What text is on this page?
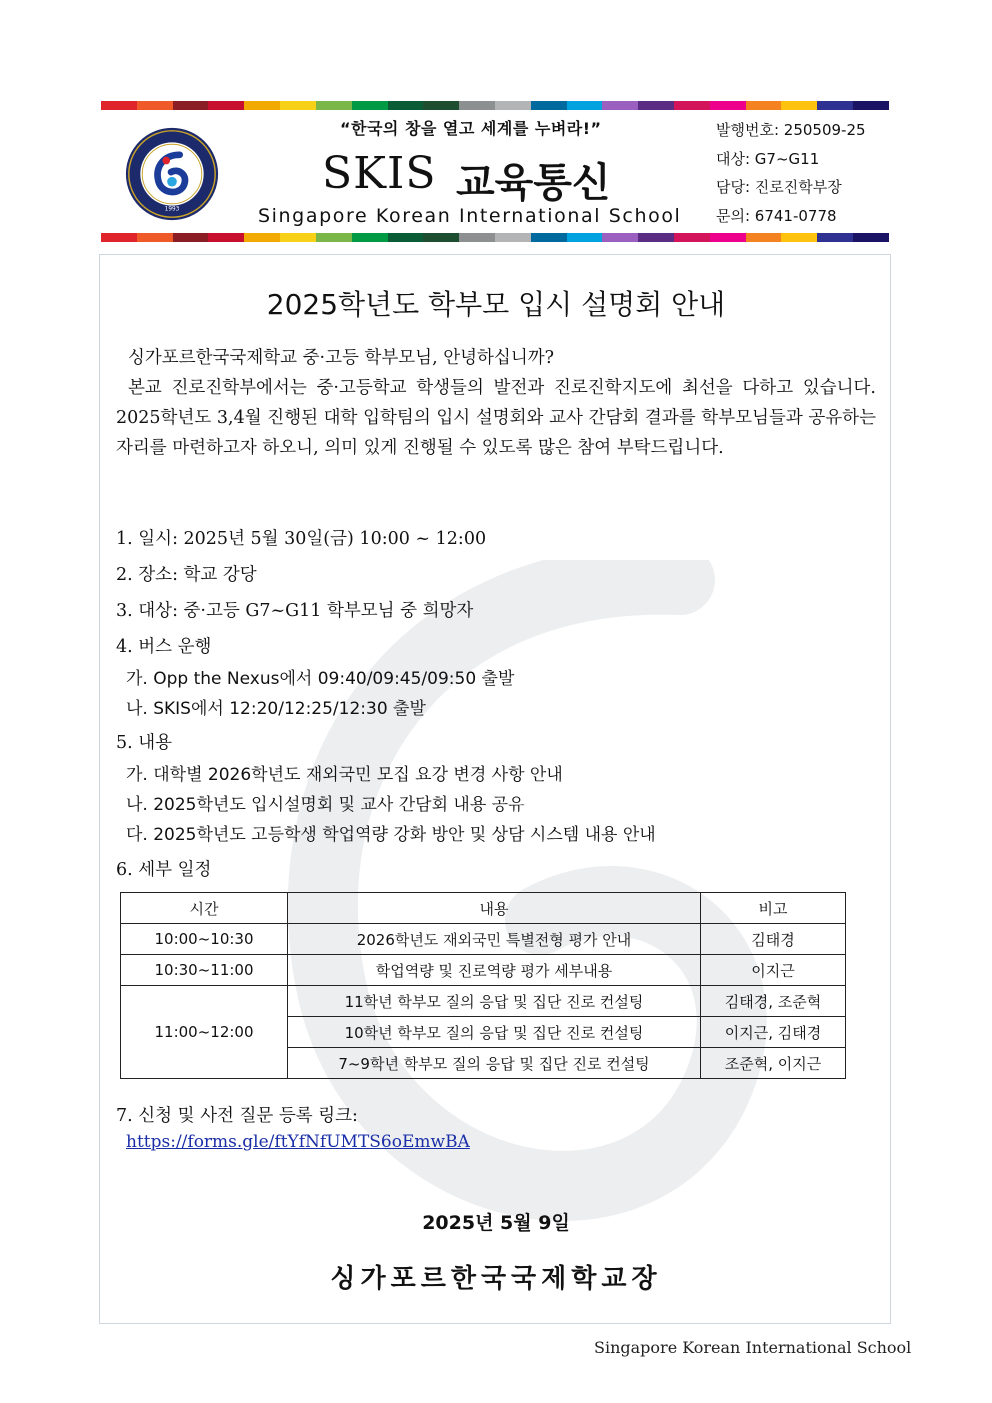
1993
“한국의 창을 열고 세계를 누벼라!”
SKIS 교육통신
Singapore Korean International School
발행번호: 250509-25
대상: G7~G11
담당: 진로진학부장
문의: 6741-0778
2025학년도 학부모 입시 설명회 안내
싱가포르한국국제학교 중·고등 학부모님, 안녕하십니까?
본교 진로진학부에서는 중·고등학교 학생들의 발전과 진로진학지도에 최선을 다하고 있습니다. 2025학년도 3,4월 진행된 대학 입학팀의 입시 설명회와 교사 간담회 결과를 학부모님들과 공유하는 자리를 마련하고자 하오니, 의미 있게 진행될 수 있도록 많은 참여 부탁드립니다.
1. 일시: 2025년 5월 30일(금) 10:00 ~ 12:00
2. 장소: 학교 강당
3. 대상: 중·고등 G7~G11 학부모님 중 희망자
4. 버스 운행
가. Opp the Nexus에서 09:40/09:45/09:50 출발
나. SKIS에서 12:20/12:25/12:30 출발
5. 내용
가. 대학별 2026학년도 재외국민 모집 요강 변경 사항 안내
나. 2025학년도 입시설명회 및 교사 간담회 내용 공유
다. 2025학년도 고등학생 학업역량 강화 방안 및 상담 시스템 내용 안내
6. 세부 일정
시간	내용	비고
10:00~10:30	2026학년도 재외국민 특별전형 평가 안내	김태경
10:30~11:00	학업역량 및 진로역량 평가 세부내용	이지근
11:00~12:00	11학년 학부모 질의 응답 및 집단 진로 컨설팅	김태경, 조준혁
	10학년 학부모 질의 응답 및 집단 진로 컨설팅	이지근, 김태경
	7~9학년 학부모 질의 응답 및 집단 진로 컨설팅	조준혁, 이지근
7. 신청 및 사전 질문 등록 링크:
https://forms.gle/ftYfNfUMTS6oEmwBA
2025년 5월 9일
싱가포르한국국제학교장
Singapore Korean International School
